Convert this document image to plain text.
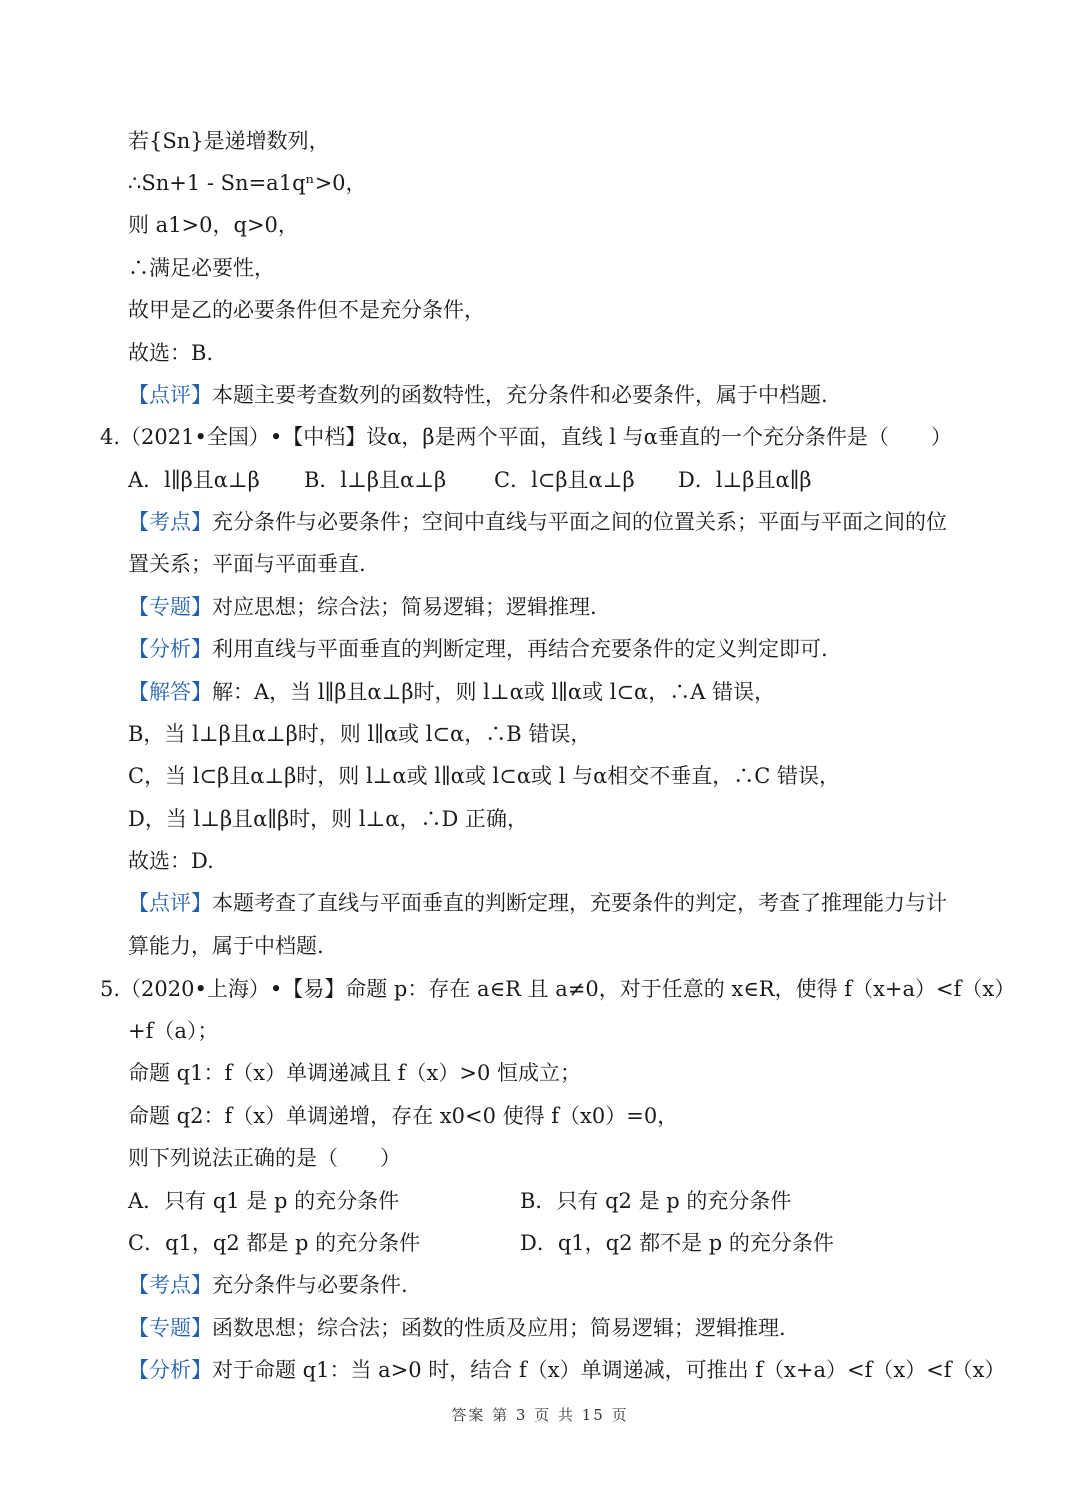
若{Sn}是递增数列，
∴Sn+1 - Sn=a1qⁿ>0，
则 a1>0，q>0，
∴满足必要性，
故甲是乙的必要条件但不是充分条件，
故选：B.
【点评】本题主要考查数列的函数特性，充分条件和必要条件，属于中档题.
4.（2021•全国）•【中档】设α，β是两个平面，直线 l 与α垂直的一个充分条件是（　　）
A．l∥β且α⊥β B．l⊥β且α⊥β C．l⊂β且α⊥β D．l⊥β且α∥β
【考点】充分条件与必要条件；空间中直线与平面之间的位置关系；平面与平面之间的位
置关系；平面与平面垂直.
【专题】对应思想；综合法；简易逻辑；逻辑推理.
【分析】利用直线与平面垂直的判断定理，再结合充要条件的定义判定即可.
【解答】解：A，当 l∥β且α⊥β时，则 l⊥α或 l∥α或 l⊂α，∴A 错误，
B，当 l⊥β且α⊥β时，则 l∥α或 l⊂α，∴B 错误，
C，当 l⊂β且α⊥β时，则 l⊥α或 l∥α或 l⊂α或 l 与α相交不垂直，∴C 错误，
D，当 l⊥β且α∥β时，则 l⊥α，∴D 正确，
故选：D.
【点评】本题考查了直线与平面垂直的判断定理，充要条件的判定，考查了推理能力与计
算能力，属于中档题.
5.（2020•上海）•【易】命题 p：存在 a∈R 且 a≠0，对于任意的 x∈R，使得 f（x+a）<f（x）
+f（a）；
命题 q1：f（x）单调递减且 f（x）>0 恒成立；
命题 q2：f（x）单调递增，存在 x0<0 使得 f（x0）=0，
则下列说法正确的是（　　）
A．只有 q1 是 p 的充分条件	B．只有 q2 是 p 的充分条件
C．q1，q2 都是 p 的充分条件	D．q1，q2 都不是 p 的充分条件
【考点】充分条件与必要条件.
【专题】函数思想；综合法；函数的性质及应用；简易逻辑；逻辑推理.
【分析】对于命题 q1：当 a>0 时，结合 f（x）单调递减，可推出 f（x+a）<f（x）<f（x）
答案 第 3 页 共 15 页
